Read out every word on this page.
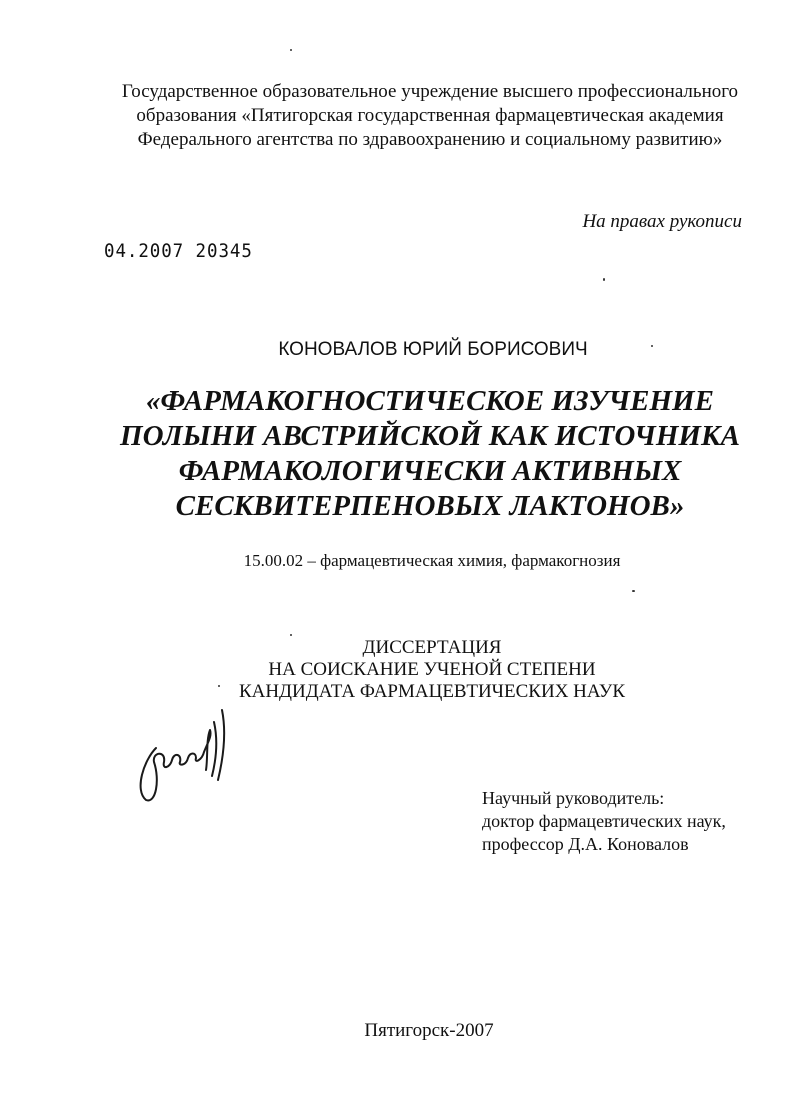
Государственное образовательное учреждение высшего профессионального
образования «Пятигорская государственная фармацевтическая академия
Федерального агентства по здравоохранению и социальному развитию»
На правах рукописи
04.2007 20345
КОНОВАЛОВ ЮРИЙ БОРИСОВИЧ
«ФАРМАКОГНОСТИЧЕСКОЕ ИЗУЧЕНИЕ
ПОЛЫНИ АВСТРИЙСКОЙ КАК ИСТОЧНИКА
ФАРМАКОЛОГИЧЕСКИ АКТИВНЫХ
СЕСКВИТЕРПЕНОВЫХ ЛАКТОНОВ»
15.00.02 – фармацевтическая химия, фармакогнозия
ДИССЕРТАЦИЯ
НА СОИСКАНИЕ УЧЕНОЙ СТЕПЕНИ
КАНДИДАТА ФАРМАЦЕВТИЧЕСКИХ НАУК
Научный руководитель:
доктор фармацевтических наук,
профессор Д.А. Коновалов
Пятигорск-2007
